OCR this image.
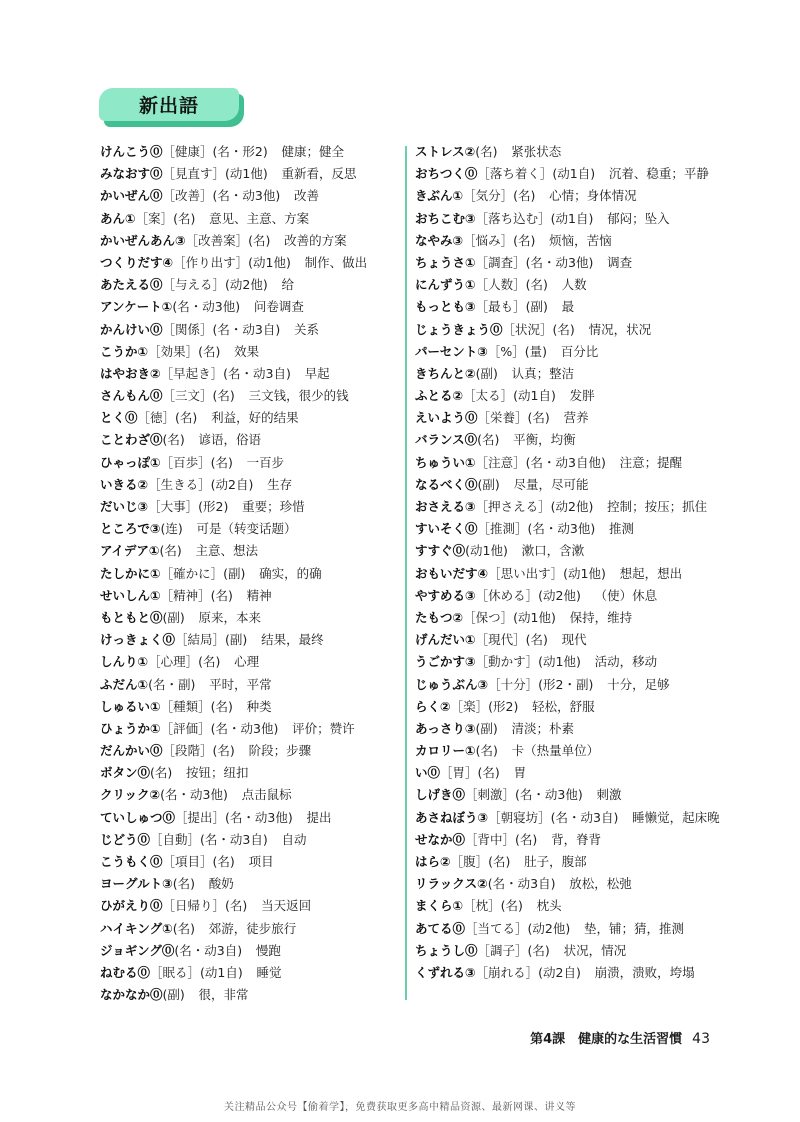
新出語
けんこう⓪［健康］(名・形2) 健康；健全
みなおす⓪［見直す］(动1他) 重新看，反思
かいぜん⓪［改善］(名・动3他) 改善
あん①［案］(名) 意见、主意、方案
かいぜんあん③［改善案］(名) 改善的方案
つくりだす④［作り出す］(动1他) 制作、做出
あたえる⓪［与える］(动2他) 给
アンケート①(名・动3他) 问卷调查
かんけい⓪［関係］(名・动3自) 关系
こうか①［効果］(名) 效果
はやおき②［早起き］(名・动3自) 早起
さんもん⓪［三文］(名) 三文钱，很少的钱
とく⓪［徳］(名) 利益，好的结果
ことわざ⓪(名) 谚语，俗语
ひゃっぽ①［百歩］(名) 一百步
いきる②［生きる］(动2自) 生存
だいじ③［大事］(形2) 重要；珍惜
ところで③(连) 可是（转变话题）
アイデア①(名) 主意、想法
たしかに①［確かに］(副) 确实，的确
せいしん①［精神］(名) 精神
もともと⓪(副) 原来，本来
けっきょく⓪［結局］(副) 结果，最终
しんり①［心理］(名) 心理
ふだん①(名・副) 平时，平常
しゅるい①［種類］(名) 种类
ひょうか①［評価］(名・动3他) 评价；赞许
だんかい⓪［段階］(名) 阶段；步骤
ボタン⓪(名) 按钮；纽扣
クリック②(名・动3他) 点击鼠标
ていしゅつ⓪［提出］(名・动3他) 提出
じどう⓪［自動］(名・动3自) 自动
こうもく⓪［項目］(名) 项目
ヨーグルト③(名) 酸奶
ひがえり⓪［日帰り］(名) 当天返回
ハイキング①(名) 郊游，徒步旅行
ジョギング⓪(名・动3自) 慢跑
ねむる⓪［眠る］(动1自) 睡觉
なかなか⓪(副) 很，非常
ストレス②(名) 紧张状态
おちつく⓪［落ち着く］(动1自) 沉着、稳重；平静
きぶん①［気分］(名) 心情；身体情况
おちこむ③［落ち込む］(动1自) 郁闷；坠入
なやみ③［悩み］(名) 烦恼，苦恼
ちょうさ①［調査］(名・动3他) 调查
にんずう①［人数］(名) 人数
もっとも③［最も］(副) 最
じょうきょう⓪［状況］(名) 情况，状况
パーセント③［%］(量) 百分比
きちんと②(副) 认真；整洁
ふとる②［太る］(动1自) 发胖
えいよう⓪［栄養］(名) 营养
バランス⓪(名) 平衡，均衡
ちゅうい①［注意］(名・动3自他) 注意；提醒
なるべく⓪(副) 尽量，尽可能
おさえる③［押さえる］(动2他) 控制；按压；抓住
すいそく⓪［推測］(名・动3他) 推测
すすぐ⓪(动1他) 漱口，含漱
おもいだす④［思い出す］(动1他) 想起，想出
やすめる③［休める］(动2他) （使）休息
たもつ②［保つ］(动1他) 保持，维持
げんだい①［現代］(名) 现代
うごかす③［動かす］(动1他) 活动，移动
じゅうぶん③［十分］(形2・副) 十分，足够
らく②［楽］(形2) 轻松，舒服
あっさり③(副) 清淡；朴素
カロリー①(名) 卡（热量单位）
い⓪［胃］(名) 胃
しげき⓪［刺激］(名・动3他) 刺激
あさねぼう③［朝寝坊］(名・动3自) 睡懒觉，起床晚
せなか⓪［背中］(名) 背，脊背
はら②［腹］(名) 肚子，腹部
リラックス②(名・动3自) 放松，松弛
まくら①［枕］(名) 枕头
あてる⓪［当てる］(动2他) 垫，铺；猜，推测
ちょうし⓪［調子］(名) 状况，情况
くずれる③［崩れる］(动2自) 崩溃，溃败，垮塌
第4課　健康的な生活習慣 43
关注精品公众号【偷着学】，免费获取更多高中精品资源、最新网课、讲义等
